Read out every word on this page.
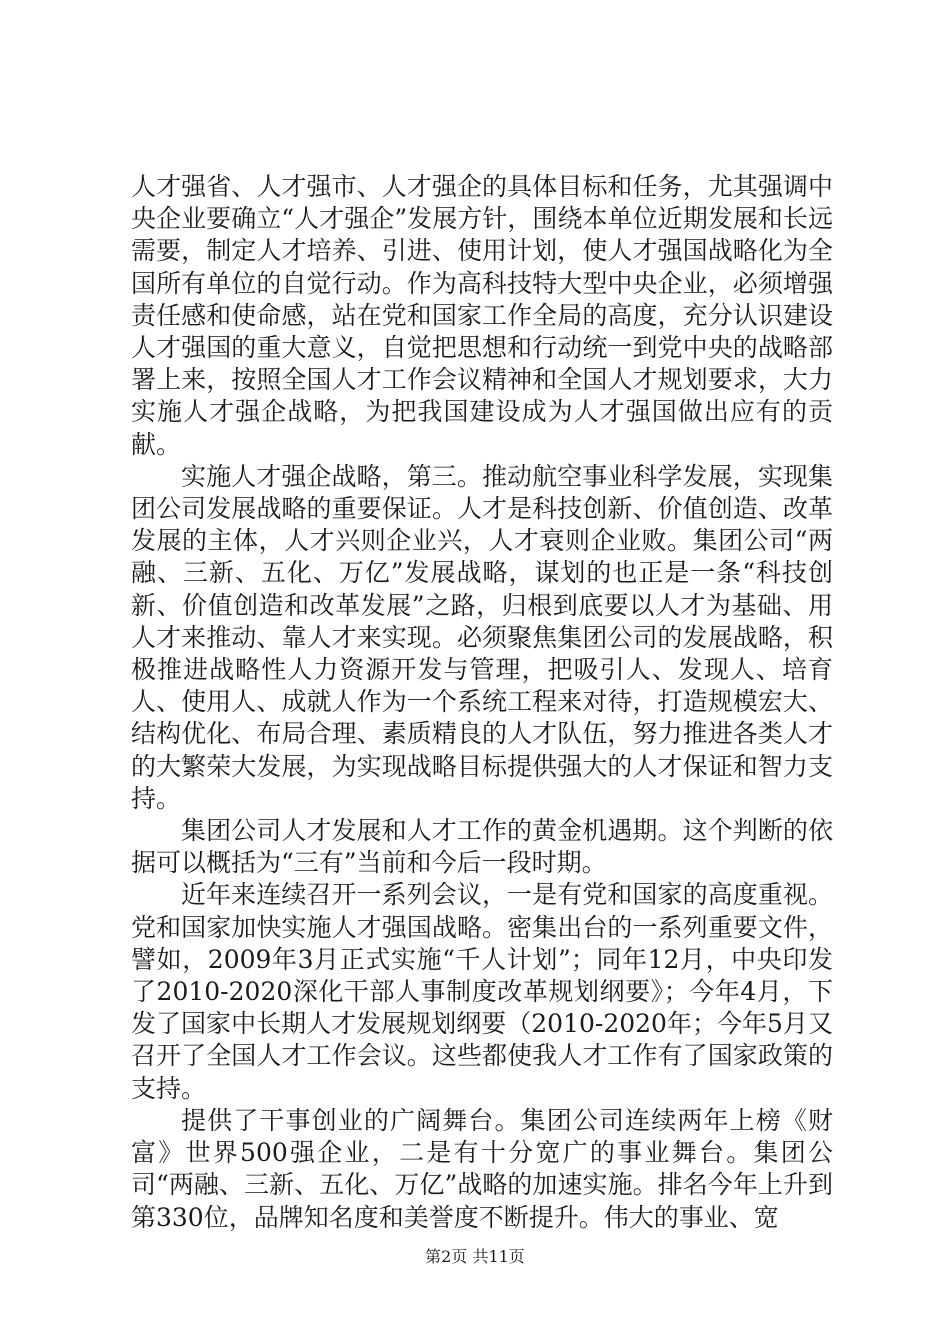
人才强省、人才强市、人才强企的具体目标和任务，尤其强调中央企业要确立“人才强企”发展方针，围绕本单位近期发展和长远需要，制定人才培养、引进、使用计划，使人才强国战略化为全国所有单位的自觉行动。作为高科技特大型中央企业，必须增强责任感和使命感，站在党和国家工作全局的高度，充分认识建设人才强国的重大意义，自觉把思想和行动统一到党中央的战略部署上来，按照全国人才工作会议精神和全国人才规划要求，大力实施人才强企战略，为把我国建设成为人才强国做出应有的贡献。

实施人才强企战略，第三。推动航空事业科学发展，实现集团公司发展战略的重要保证。人才是科技创新、价值创造、改革发展的主体，人才兴则企业兴，人才衰则企业败。集团公司“两融、三新、五化、万亿”发展战略，谋划的也正是一条“科技创新、价值创造和改革发展”之路，归根到底要以人才为基础、用人才来推动、靠人才来实现。必须聚焦集团公司的发展战略，积极推进战略性人力资源开发与管理，把吸引人、发现人、培育人、使用人、成就人作为一个系统工程来对待，打造规模宏大、结构优化、布局合理、素质精良的人才队伍，努力推进各类人才的大繁荣大发展，为实现战略目标提供强大的人才保证和智力支持。

集团公司人才发展和人才工作的黄金机遇期。这个判断的依据可以概括为“三有”当前和今后一段时期。

近年来连续召开一系列会议，一是有党和国家的高度重视。党和国家加快实施人才强国战略。密集出台的一系列重要文件，譬如，2009年3月正式实施“千人计划”；同年12月，中央印发了2010-2020深化干部人事制度改革规划纲要》；今年4月，下发了国家中长期人才发展规划纲要（2010-2020年；今年5月又召开了全国人才工作会议。这些都使我人才工作有了国家政策的支持。

提供了干事创业的广阔舞台。集团公司连续两年上榜《财富》世界500强企业，二是有十分宽广的事业舞台。集团公司“两融、三新、五化、万亿”战略的加速实施。排名今年上升到第330位，品牌知名度和美誉度不断提升。伟大的事业、宽

第2页 共11页
